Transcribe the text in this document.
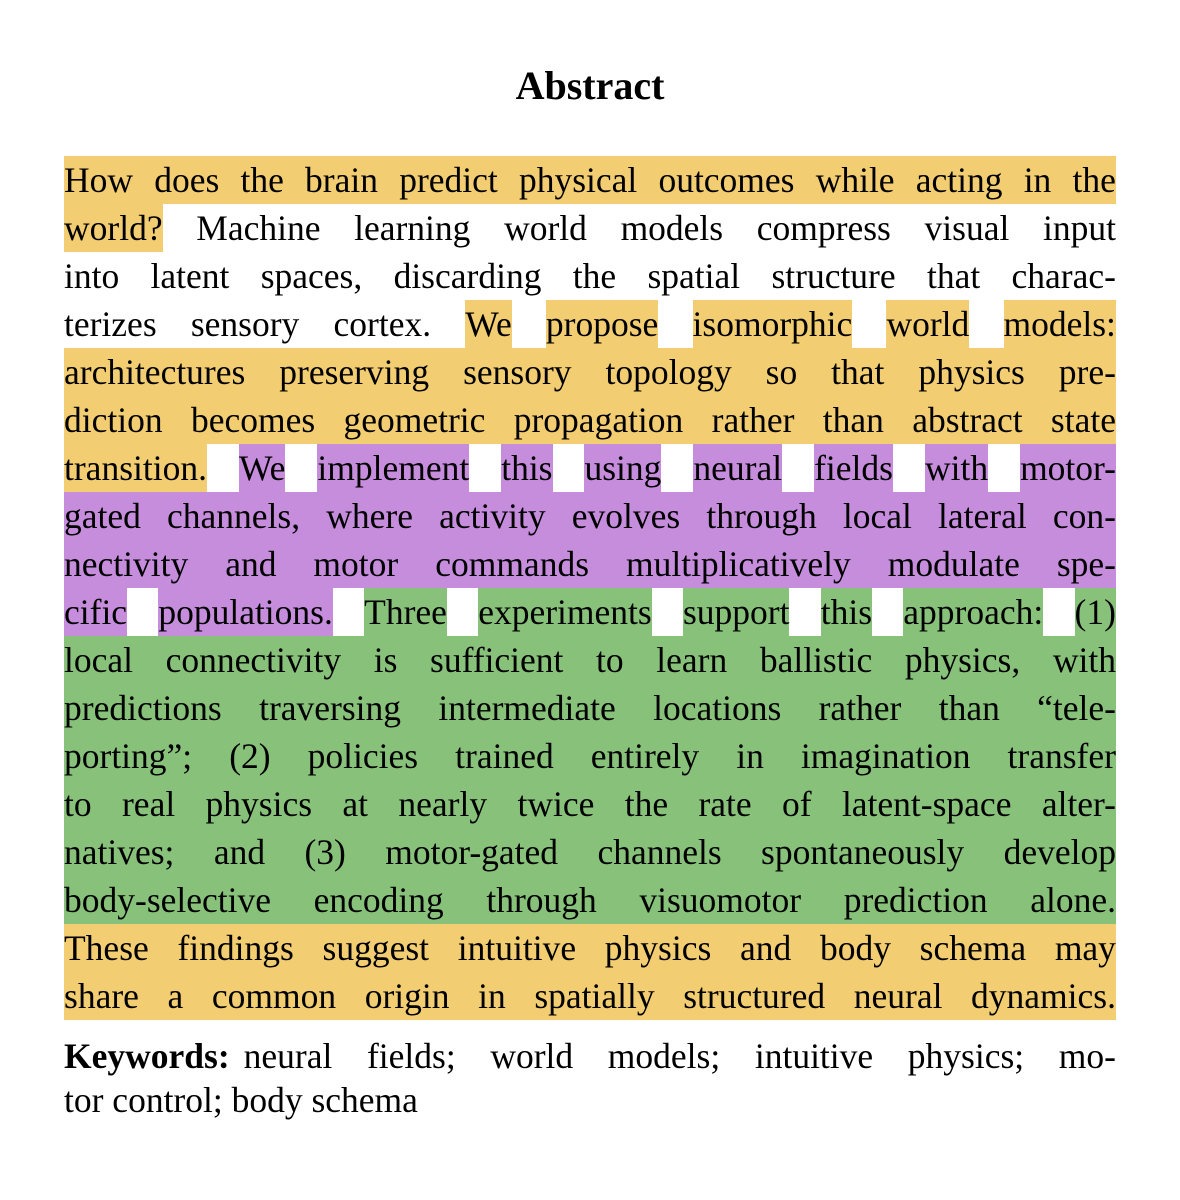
Abstract
How does the brain predict physical outcomes while acting in the
world? Machine learning world models compress visual input
into latent spaces, discarding the spatial structure that charac-
terizes sensory cortex. We propose isomorphic world models:
architectures preserving sensory topology so that physics pre-
diction becomes geometric propagation rather than abstract state
transition. We implement this using neural fields with motor-
gated channels, where activity evolves through local lateral con-
nectivity and motor commands multiplicatively modulate spe-
cific populations. Three experiments support this approach: (1)
local connectivity is sufficient to learn ballistic physics, with
predictions traversing intermediate locations rather than “tele-
porting”; (2) policies trained entirely in imagination transfer
to real physics at nearly twice the rate of latent-space alter-
natives; and (3) motor-gated channels spontaneously develop
body-selective encoding through visuomotor prediction alone.
These findings suggest intuitive physics and body schema may
share a common origin in spatially structured neural dynamics.
Keywords: neural fields; world models; intuitive physics; mo-
tor control; body schema
